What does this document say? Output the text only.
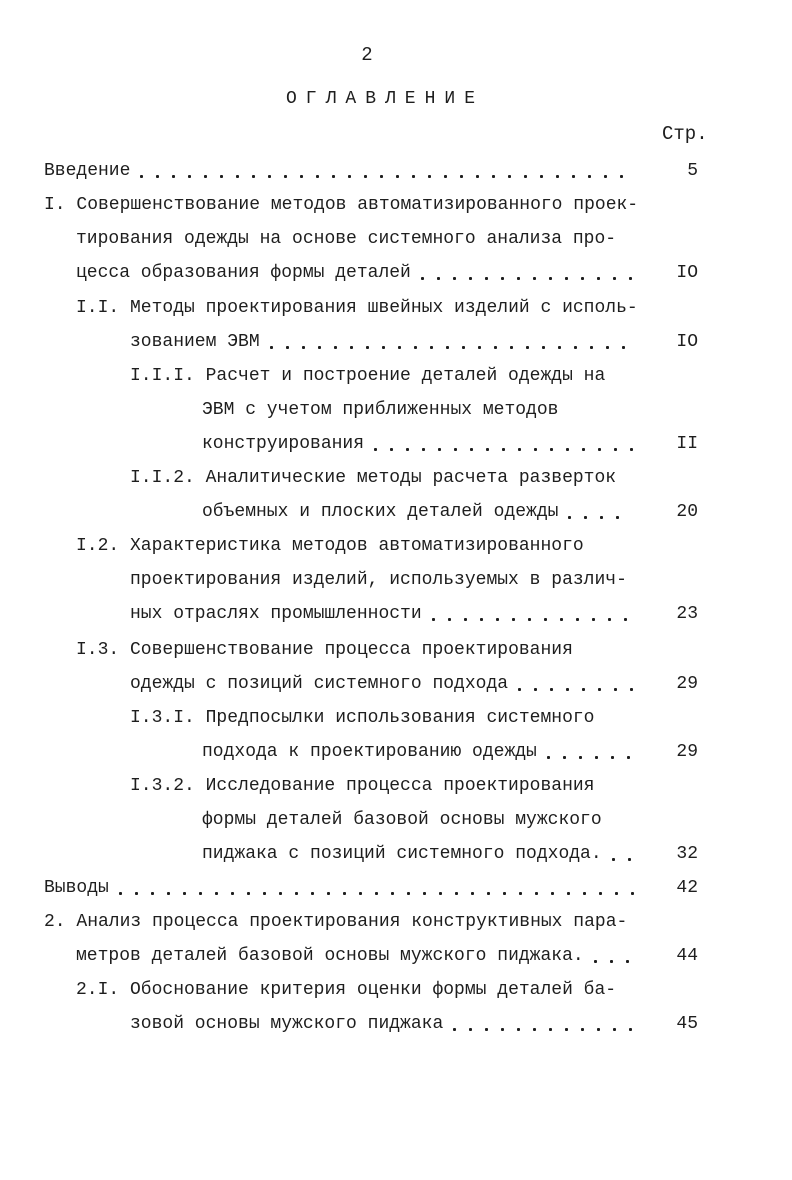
2
ОГЛАВЛЕНИЕ
Стр.
Введение	5
I. Совершенствование методов автоматизированного проек-
тирования одежды на основе системного анализа про-
цесса образования формы деталей	IO
I.I. Методы проектирования швейных изделий с исполь-
зованием ЭВМ	IO
I.I.I. Расчет и построение деталей одежды на
ЭВМ с учетом приближенных методов
конструирования	II
I.I.2. Аналитические методы расчета разверток
объемных и плоских деталей одежды	20
I.2. Характеристика методов автоматизированного
проектирования изделий, используемых в различ-
ных отраслях промышленности	23
I.3. Совершенствование процесса проектирования
одежды с позиций системного подхода	29
I.3.I. Предпосылки использования системного
подхода к проектированию одежды	29
I.3.2. Исследование процесса проектирования
формы деталей базовой основы мужского
пиджака с позиций системного подхода.	32
Выводы	42
2. Анализ процесса проектирования конструктивных пара-
метров деталей базовой основы мужского пиджака.	44
2.I. Обоснование критерия оценки формы деталей ба-
зовой основы мужского пиджака	45
